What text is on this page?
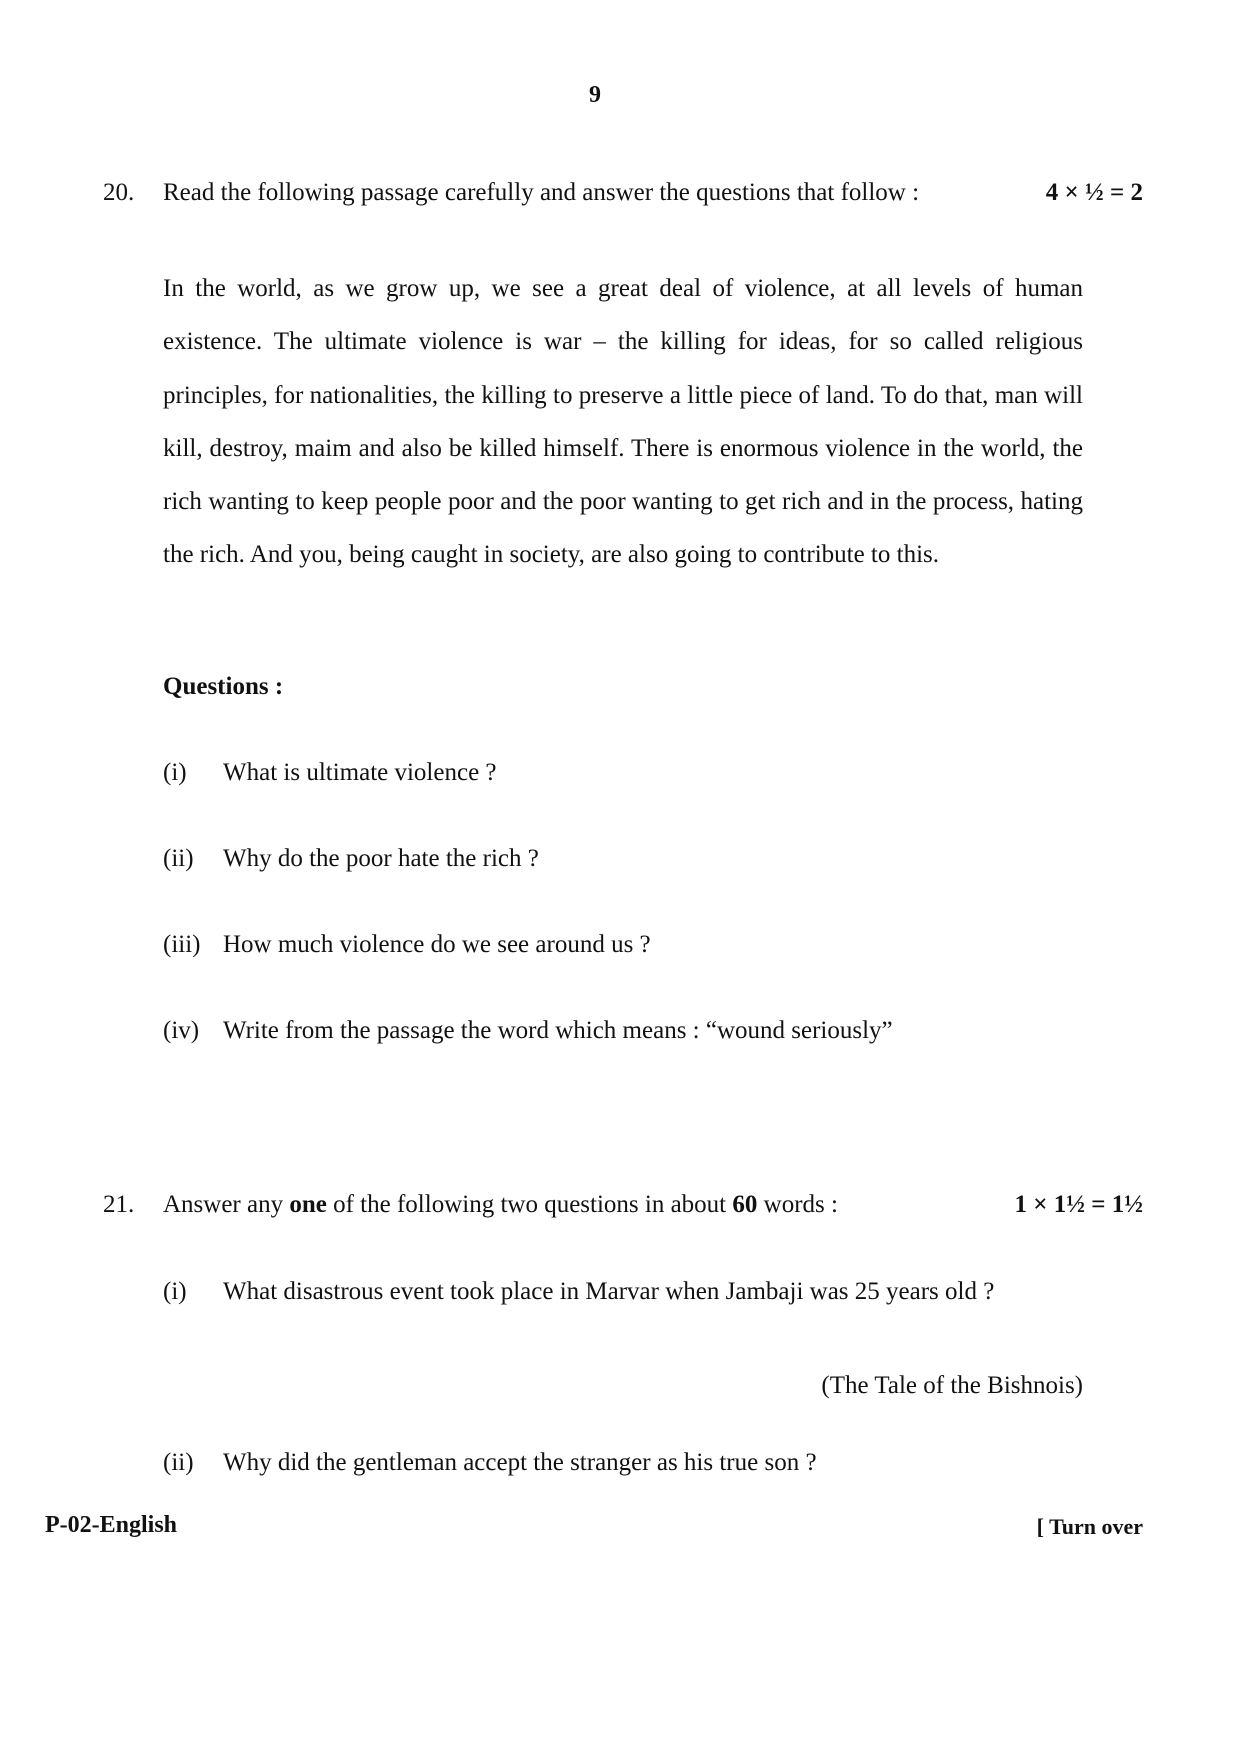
9
20. Read the following passage carefully and answer the questions that follow :	4 × ½ = 2
In the world, as we grow up, we see a great deal of violence, at all levels of human existence. The ultimate violence is war – the killing for ideas, for so called religious principles, for nationalities, the killing to preserve a little piece of land. To do that, man will kill, destroy, maim and also be killed himself. There is enormous violence in the world, the rich wanting to keep people poor and the poor wanting to get rich and in the process, hating the rich. And you, being caught in society, are also going to contribute to this.
Questions :
(i) What is ultimate violence ?
(ii) Why do the poor hate the rich ?
(iii) How much violence do we see around us ?
(iv) Write from the passage the word which means : “wound seriously”
21. Answer any one of the following two questions in about 60 words :	1 × 1½ = 1½
(i) What disastrous event took place in Marvar when Jambaji was 25 years old ?
(The Tale of the Bishnois)
(ii) Why did the gentleman accept the stranger as his true son ?
P-02-English	[ Turn over
